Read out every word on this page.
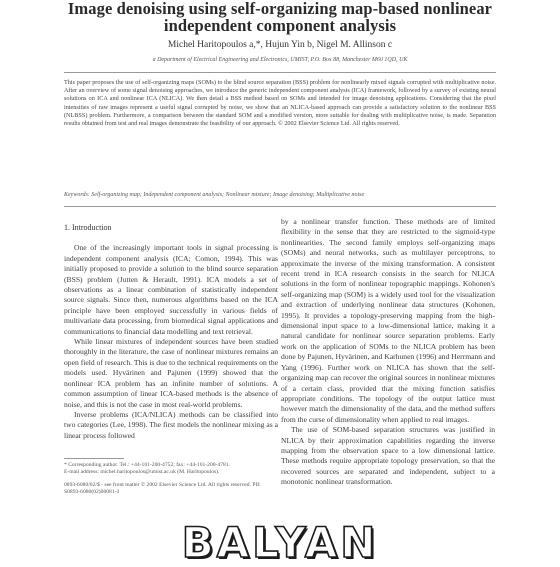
Image denoising using self-organizing map-based nonlinear independent component analysis
Michel Haritopoulos a,*, Hujun Yin b, Nigel M. Allinson c
a Department of Electrical Engineering and Electronics, UMIST, P.O. Box 88, Manchester M60 1QD, UK
This paper proposes the use of self-organizing maps (SOMs) to the blind source separation (BSS) problem for nonlinearly mixed signals corrupted with multiplicative noise. After an overview of some signal denoising approaches, we introduce the generic independent component analysis (ICA) framework, followed by a survey of existing neural solutions on ICA and nonlinear ICA (NLICA). We then detail a BSS method based on SOMs and intended for image denoising applications. Considering that the pixel intensities of raw images represent a useful signal corrupted by noise, we show that an NLICA-based approach can provide a satisfactory solution to the nonlinear BSS (NLBSS) problem. Furthermore, a comparison between the standard SOM and a modified version, more suitable for dealing with multiplicative noise, is made. Separation results obtained from test and real images demonstrate the feasibility of our approach. © 2002 Elsevier Science Ltd. All rights reserved.
Keywords: Self-organizing map; Independent component analysis; Nonlinear mixture; Image denoising; Multiplicative noise
1. Introduction

One of the increasingly important tools in signal processing is independent component analysis (ICA; Comon, 1994). This was initially proposed to provide a solution to the blind source separation (BSS) problem (Jutten & Herault, 1991). ICA models a set of observations as a linear combination of statistically independent source signals. Since then, numerous algorithms based on the ICA principle have been employed successfully in various fields of multivariate data processing, from biomedical signal applications and communications to financial data modelling and text retrieval.

While linear mixtures of independent sources have been studied thoroughly in the literature, the case of nonlinear mixtures remains an open field of research. This is due to the technical requirements on the models used. Hyvärinen and Pajunen (1999) showed that the nonlinear ICA problem has an infinite number of solutions. A common assumption of linear ICA-based methods is the absence of noise, and this is not the case in most real-world problems.

Inverse problems (ICA/NLICA) methods can be classified into two categories (Lee, 1998). The first models the nonlinear mixing as a linear process followed

* Corresponding author. Tel.: +44-161-200-4752; fax: +44-161-200-4781.
E-mail address: michel.haritopoulos@umist.ac.uk (M. Haritopoulos).
0893-6080/02/$ - see front matter © 2002 Elsevier Science Ltd. All rights reserved. PII: S0893-6080(02)00081-3

by a nonlinear transfer function. These methods are of limited flexibility in the sense that they are restricted to the sigmoid-type nonlinearities. The second family employs self-organizing maps (SOMs) and neural networks, such as multilayer perceptrons, to approximate the inverse of the mixing transformation. A consistent recent trend in ICA research consists in the search for NLICA solutions in the form of nonlinear topographic mappings. Kohonen's self-organizing map (SOM) is a widely used tool for the visualization and extraction of underlying nonlinear data structures (Kohonen, 1995). It provides a topology-preserving mapping from the high-dimensional input space to a low-dimensional lattice, making it a natural candidate for nonlinear source separation problems. Early work on the application of SOMs to the NLICA problem has been done by Pajunen, Hyvärinen, and Karhunen (1996) and Herrmann and Yang (1996). Further work on NLICA has shown that the self-organizing map can recover the original sources in nonlinear mixtures of a certain class, provided that the mixing function satisfies appropriate conditions. The topology of the output lattice must however match the dimensionality of the data, and the method suffers from the curse of dimensionality when applied to real images.

The use of SOM-based separation structures was justified in NLICA by their approximation capabilities regarding the inverse mapping from the observation space to a low dimensional lattice. These methods require appropriate topology preservation, so that the recovered sources are separated and independent, subject to a monotonic nonlinear transformation.

BALYAN
